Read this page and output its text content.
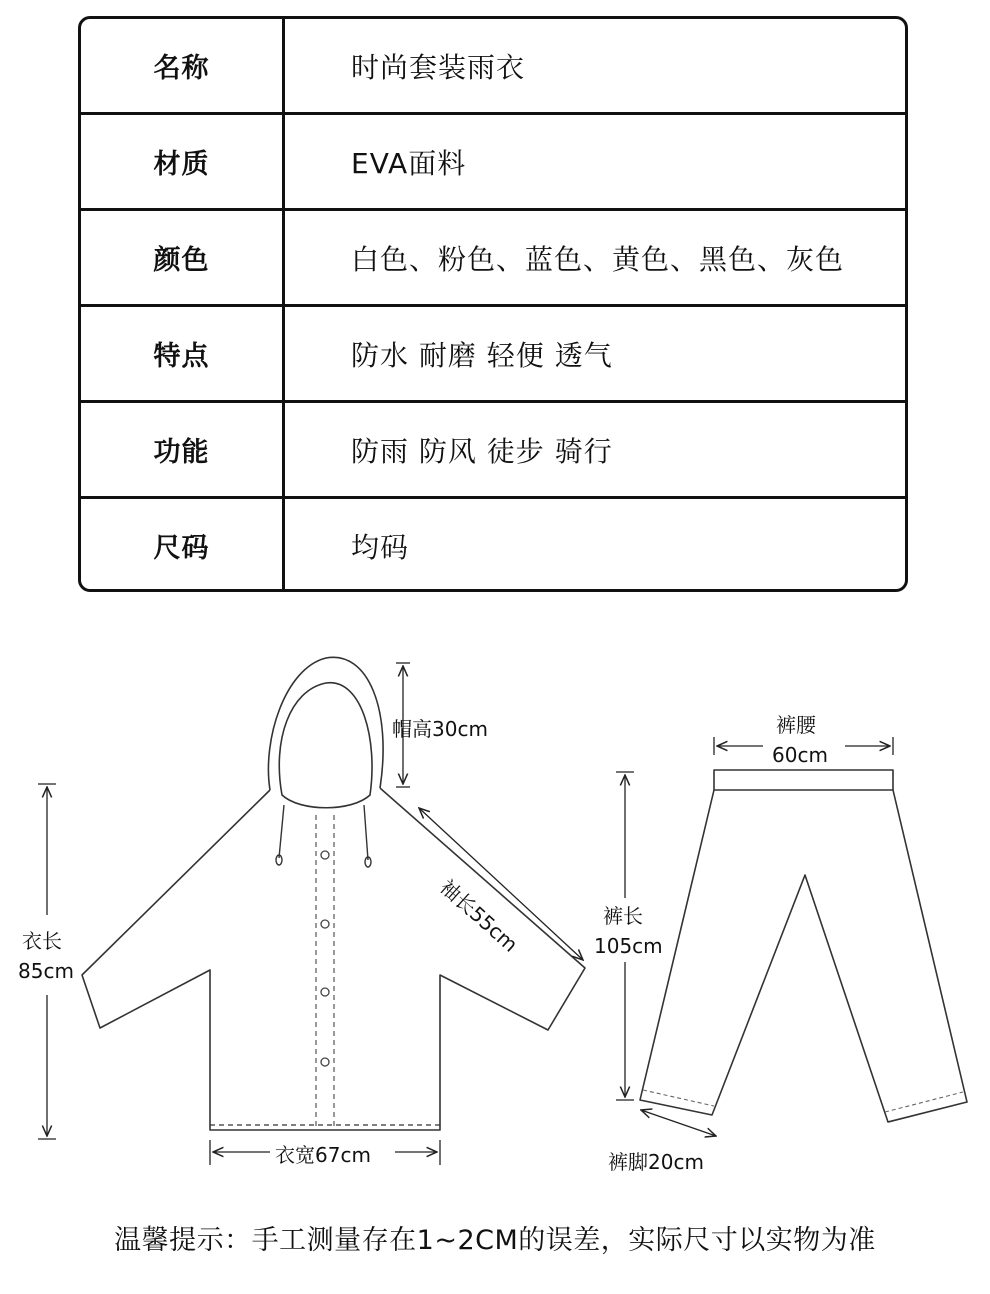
名称	时尚套装雨衣
材质	EVA面料
颜色	白色、粉色、蓝色、黄色、黑色、灰色
特点	防水 耐磨 轻便 透气
功能	防雨 防风 徒步 骑行
尺码	均码
帽高30cm
衣长
85cm
袖长55cm
衣宽67cm
裤腰
60cm
裤长
105cm
裤脚20cm
温馨提示：手工测量存在1~2CM的误差，实际尺寸以实物为准
